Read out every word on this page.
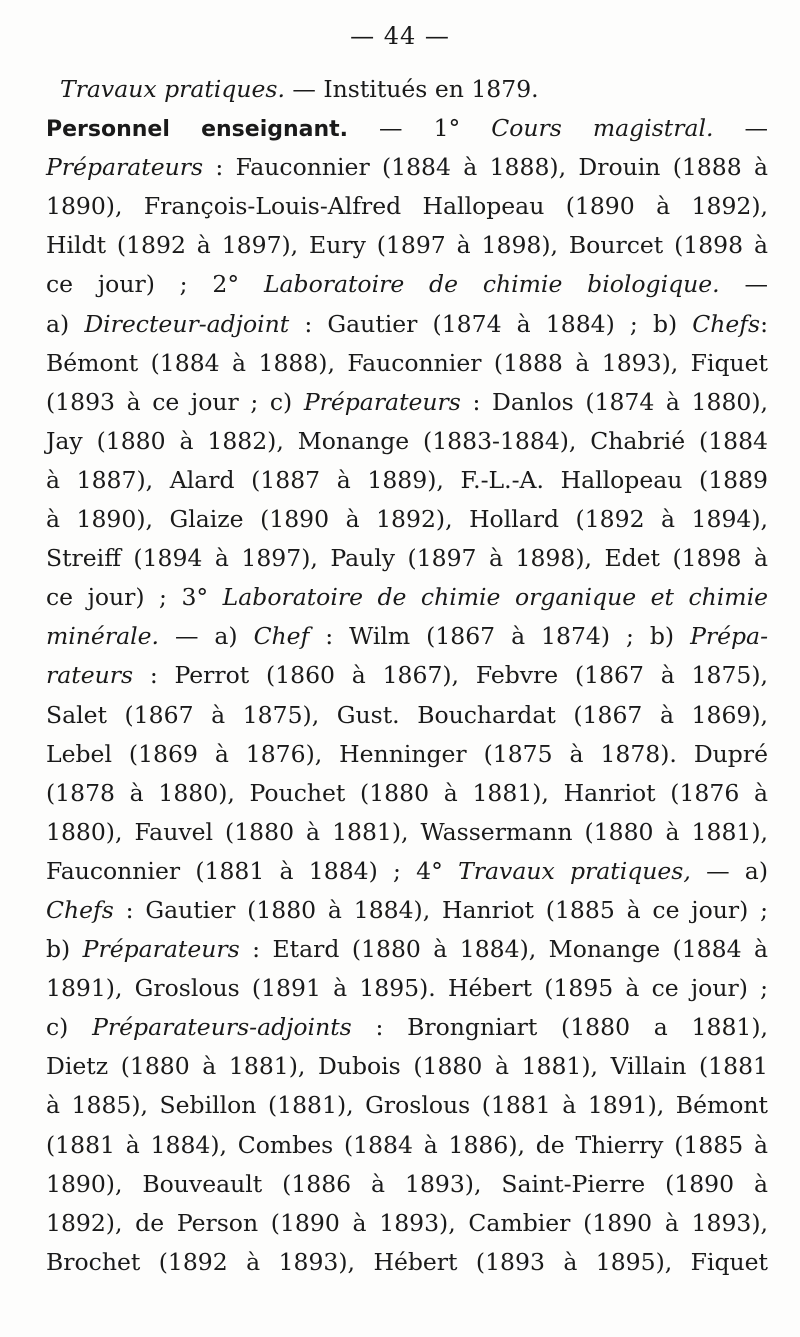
— 44 —
Travaux pratiques. — Institués en 1879.
Personnel enseignant. — 1° Cours magistral. —
Préparateurs : Fauconnier (1884 à 1888), Drouin (1888 à
1890), François-Louis-Alfred Hallopeau (1890 à 1892),
Hildt (1892 à 1897), Eury (1897 à 1898), Bourcet (1898 à
ce jour) ; 2° Laboratoire de chimie biologique. —
a) Directeur-adjoint : Gautier (1874 à 1884) ; b) Chefs:
Bémont (1884 à 1888), Fauconnier (1888 à 1893), Fiquet
(1893 à ce jour ; c) Préparateurs : Danlos (1874 à 1880),
Jay (1880 à 1882), Monange (1883-1884), Chabrié (1884
à 1887), Alard (1887 à 1889), F.-L.-A. Hallopeau (1889
à 1890), Glaize (1890 à 1892), Hollard (1892 à 1894),
Streiff (1894 à 1897), Pauly (1897 à 1898), Edet (1898 à
ce jour) ; 3° Laboratoire de chimie organique et chimie
minérale. — a) Chef : Wilm (1867 à 1874) ; b) Prépa-
rateurs : Perrot (1860 à 1867), Febvre (1867 à 1875),
Salet (1867 à 1875), Gust. Bouchardat (1867 à 1869),
Lebel (1869 à 1876), Henninger (1875 à 1878). Dupré
(1878 à 1880), Pouchet (1880 à 1881), Hanriot (1876 à
1880), Fauvel (1880 à 1881), Wassermann (1880 à 1881),
Fauconnier (1881 à 1884) ; 4° Travaux pratiques, — a)
Chefs : Gautier (1880 à 1884), Hanriot (1885 à ce jour) ;
b) Préparateurs : Etard (1880 à 1884), Monange (1884 à
1891), Groslous (1891 à 1895). Hébert (1895 à ce jour) ;
c) Préparateurs-adjoints : Brongniart (1880 a 1881),
Dietz (1880 à 1881), Dubois (1880 à 1881), Villain (1881
à 1885), Sebillon (1881), Groslous (1881 à 1891), Bémont
(1881 à 1884), Combes (1884 à 1886), de Thierry (1885 à
1890), Bouveault (1886 à 1893), Saint-Pierre (1890 à
1892), de Person (1890 à 1893), Cambier (1890 à 1893),
Brochet (1892 à 1893), Hébert (1893 à 1895), Fiquet
